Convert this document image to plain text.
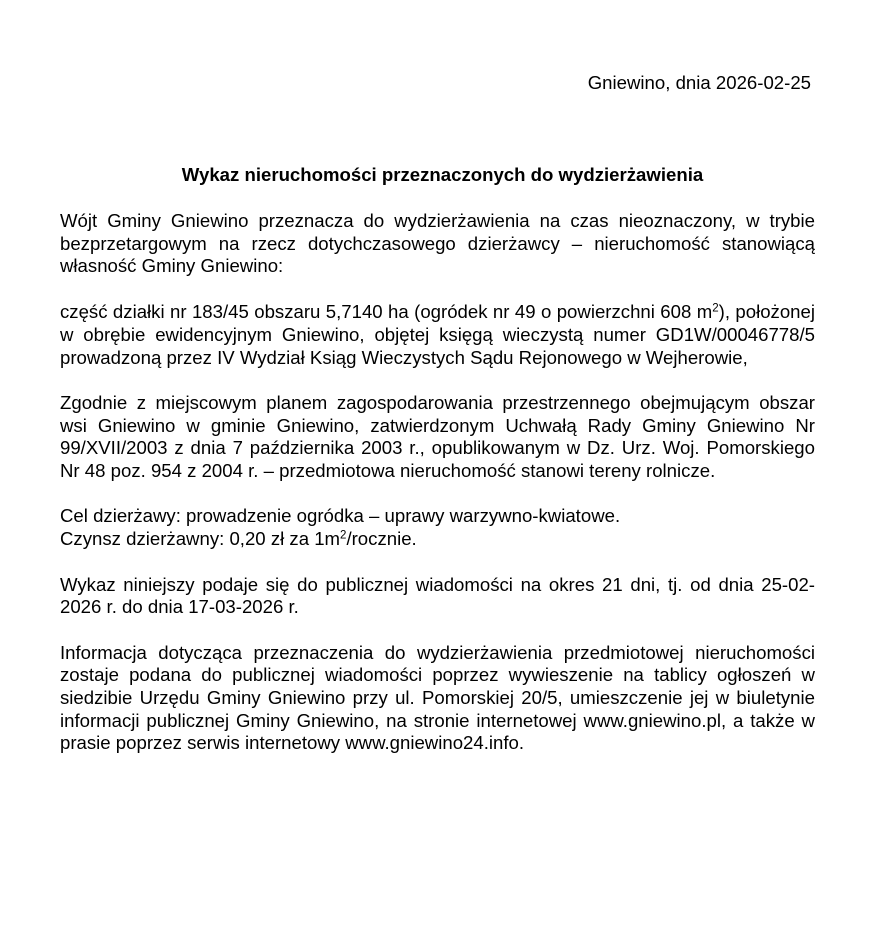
Gniewino, dnia 2026-02-25
Wykaz nieruchomości przeznaczonych do wydzierżawienia

Wójt Gminy Gniewino przeznacza do wydzierżawienia na czas nieoznaczony, w trybie bezprzetargowym na rzecz dotychczasowego dzierżawcy – nieruchomość stanowiącą własność Gminy Gniewino:

część działki nr 183/45 obszaru 5,7140 ha (ogródek nr 49 o powierzchni 608 $m^2$), położonej w obrębie ewidencyjnym Gniewino, objętej księgą wieczystą numer GD1W/00046778/5 prowadzoną przez IV Wydział Ksiąg Wieczystych Sądu Rejonowego w Wejherowie,

Zgodnie z miejscowym planem zagospodarowania przestrzennego obejmującym obszar wsi Gniewino w gminie Gniewino, zatwierdzonym Uchwałą Rady Gminy Gniewino Nr 99/XVII/2003 z dnia 7 października 2003 r., opublikowanym w Dz. Urz. Woj. Pomorskiego Nr 48 poz. 954 z 2004 r. – przedmiotowa nieruchomość stanowi tereny rolnicze.

Cel dzierżawy: prowadzenie ogródka – uprawy warzywno-kwiatowe.

Czynsz dzierżawny: 0,20 zł za $1m^2$/rocznie.

Wykaz niniejszy podaje się do publicznej wiadomości na okres 21 dni, tj. od dnia 25-02-2026 r. do dnia 17-03-2026 r.

Informacja dotycząca przeznaczenia do wydzierżawienia przedmiotowej nieruchomości zostaje podana do publicznej wiadomości poprzez wywieszenie na tablicy ogłoszeń w siedzibie Urzędu Gminy Gniewino przy ul. Pomorskiej 20/5, umieszczenie jej w biuletynie informacji publicznej Gminy Gniewino, na stronie internetowej www.gniewino.pl, a także w prasie poprzez serwis internetowy www.gniewino24.info.
